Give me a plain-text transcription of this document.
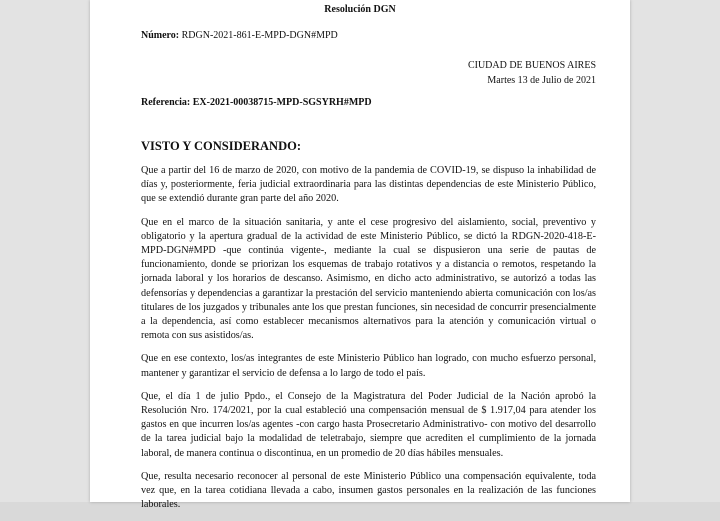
Resolución DGN
Número: RDGN-2021-861-E-MPD-DGN#MPD
CIUDAD DE BUENOS AIRES
Martes 13 de Julio de 2021
Referencia: EX-2021-00038715-MPD-SGSYRH#MPD
VISTO Y CONSIDERANDO:

Que a partir del 16 de marzo de 2020, con motivo de la pandemia de COVID-19, se dispuso la inhabilidad de días y, posteriormente, feria judicial extraordinaria para las distintas dependencias de este Ministerio Público, que se extendió durante gran parte del año 2020.

Que en el marco de la situación sanitaria, y ante el cese progresivo del aislamiento, social, preventivo y obligatorio y la apertura gradual de la actividad de este Ministerio Público, se dictó la RDGN-2020-418-E-MPD-DGN#MPD -que continúa vigente-, mediante la cual se dispusieron una serie de pautas de funcionamiento, donde se priorizan los esquemas de trabajo rotativos y a distancia o remotos, respetando la jornada laboral y los horarios de descanso. Asimismo, en dicho acto administrativo, se autorizó a todas las defensorías y dependencias a garantizar la prestación del servicio manteniendo abierta comunicación con los/as titulares de los juzgados y tribunales ante los que prestan funciones, sin necesidad de concurrir presencialmente a la dependencia, así como establecer mecanismos alternativos para la atención y comunicación virtual o remota con sus asistidos/as.

Que en ese contexto, los/as integrantes de este Ministerio Público han logrado, con mucho esfuerzo personal, mantener y garantizar el servicio de defensa a lo largo de todo el país.

Que, el día 1 de julio Ppdo., el Consejo de la Magistratura del Poder Judicial de la Nación aprobó la Resolución Nro. 174/2021, por la cual estableció una compensación mensual de $ 1.917,04 para atender los gastos en que incurren los/as agentes -con cargo hasta Prosecretario Administrativo- con motivo del desarrollo de la tarea judicial bajo la modalidad de teletrabajo, siempre que acrediten el cumplimiento de la jornada laboral, de manera continua o discontinua, en un promedio de 20 días hábiles mensuales.

Que, resulta necesario reconocer al personal de este Ministerio Público una compensación equivalente, toda vez que, en la tarea cotidiana llevada a cabo, insumen gastos personales en la realización de las funciones laborales.
